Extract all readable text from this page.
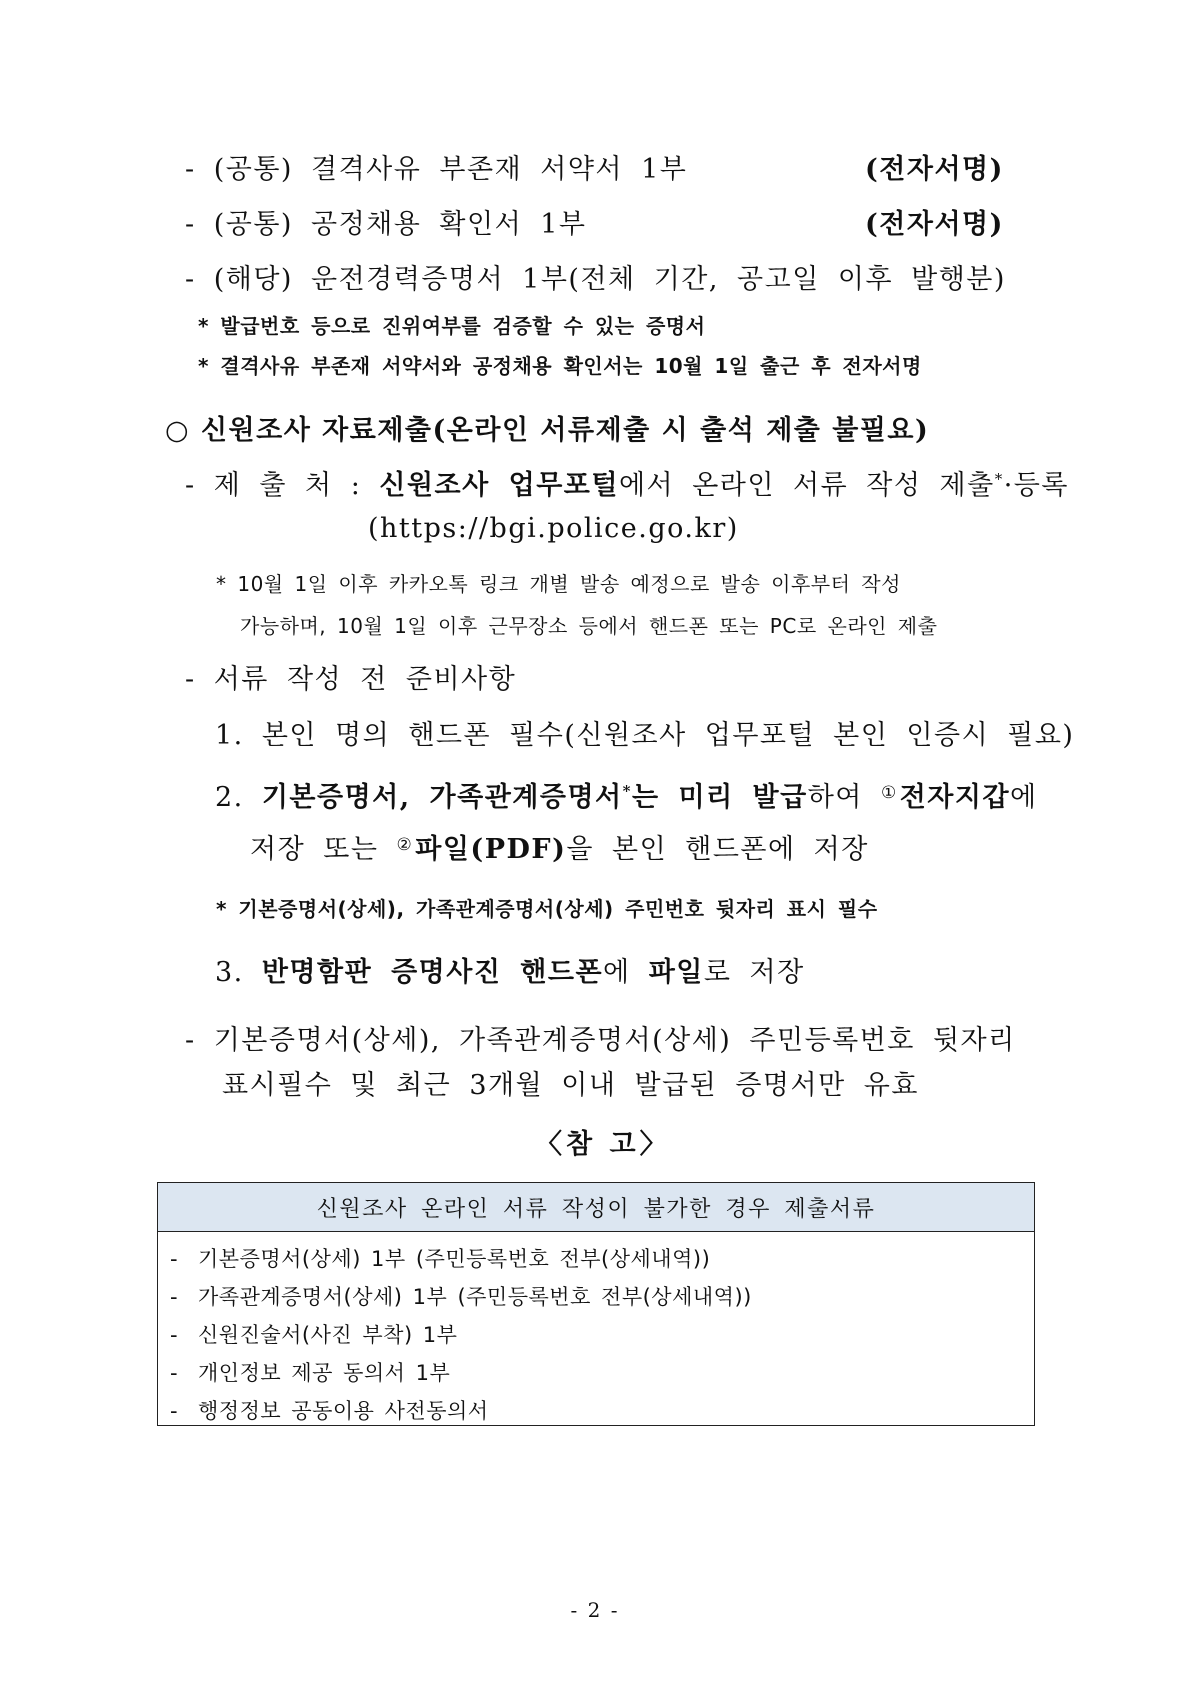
- (공통) 결격사유 부존재 서약서 1부	(전자서명)
- (공통) 공정채용 확인서 1부	(전자서명)
- (해당) 운전경력증명서 1부(전체 기간, 공고일 이후 발행분)
* 발급번호 등으로 진위여부를 검증할 수 있는 증명서
* 결격사유 부존재 서약서와 공정채용 확인서는 10월 1일 출근 후 전자서명
○ 신원조사 자료제출(온라인 서류제출 시 출석 제출 불필요)
- 제 출 처 : 신원조사 업무포털에서 온라인 서류 작성 제출*·등록
(https://bgi.police.go.kr)
* 10월 1일 이후 카카오톡 링크 개별 발송 예정으로 발송 이후부터 작성
가능하며, 10월 1일 이후 근무장소 등에서 핸드폰 또는 PC로 온라인 제출
- 서류 작성 전 준비사항
1. 본인 명의 핸드폰 필수(신원조사 업무포털 본인 인증시 필요)
2. 기본증명서, 가족관계증명서*는 미리 발급하여 ①전자지갑에
저장 또는 ②파일(PDF)을 본인 핸드폰에 저장
* 기본증명서(상세), 가족관계증명서(상세) 주민번호 뒷자리 표시 필수
3. 반명함판 증명사진 핸드폰에 파일로 저장
- 기본증명서(상세), 가족관계증명서(상세) 주민등록번호 뒷자리
표시필수 및 최근 3개월 이내 발급된 증명서만 유효
〈참 고〉
신원조사 온라인 서류 작성이 불가한 경우 제출서류
- 기본증명서(상세) 1부 (주민등록번호 전부(상세내역))
- 가족관계증명서(상세) 1부 (주민등록번호 전부(상세내역))
- 신원진술서(사진 부착) 1부
- 개인정보 제공 동의서 1부
- 행정정보 공동이용 사전동의서
- 2 -
